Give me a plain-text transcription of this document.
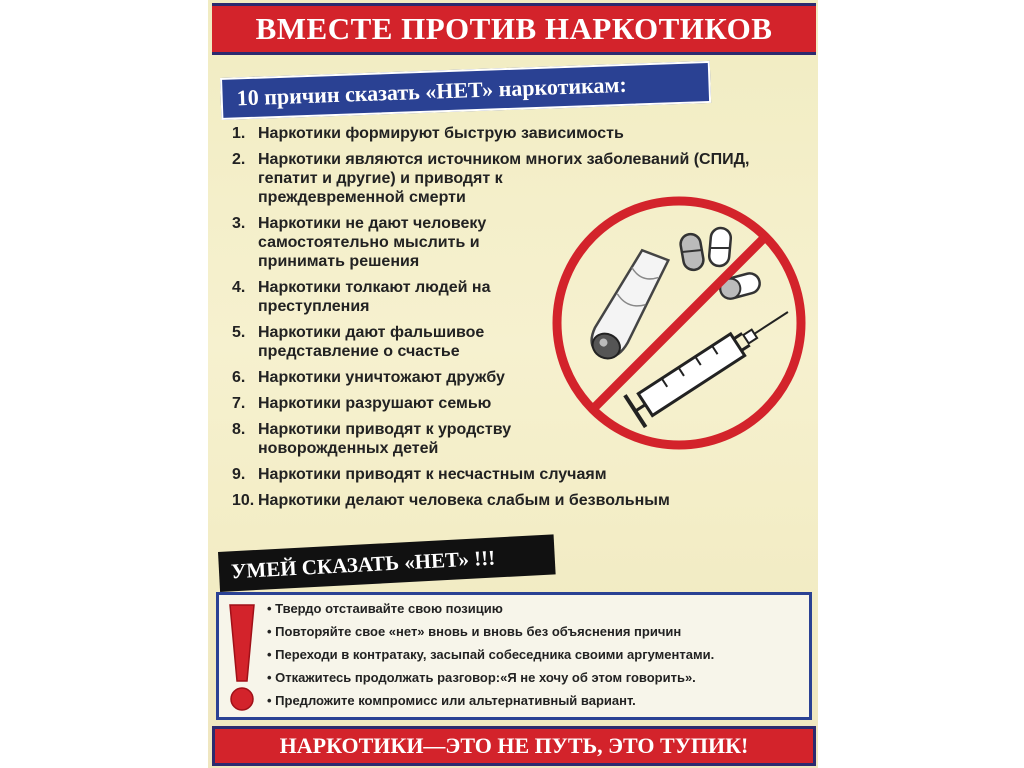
ВМЕСТЕ ПРОТИВ НАРКОТИКОВ
10 причин сказать «НЕТ» наркотикам:
1. Наркотики формируют быструю зависимость
2. Наркотики являются источником многих заболеваний (СПИД,
гепатит и другие) и приводят к
преждевременной смерти
3. Наркотики не дают человеку
самостоятельно мыслить и
принимать решения
4. Наркотики толкают людей на
преступления
5. Наркотики дают фальшивое
представление о счастье
6. Наркотики уничтожают дружбу
7. Наркотики разрушают семью
8. Наркотики приводят к уродству
новорожденных детей
9. Наркотики приводят к несчастным случаям
10. Наркотики делают человека слабым и безвольным
УМЕЙ СКАЗАТЬ «НЕТ» !!!
• Твердо отстаивайте свою позицию
• Повторяйте свое «нет» вновь и вновь без объяснения причин
• Переходи в контратаку, засыпай собеседника своими аргументами.
• Откажитесь продолжать разговор:«Я не хочу об этом говорить».
• Предложите компромисс или альтернативный вариант.
НАРКОТИКИ—ЭТО НЕ ПУТЬ, ЭТО ТУПИК!
